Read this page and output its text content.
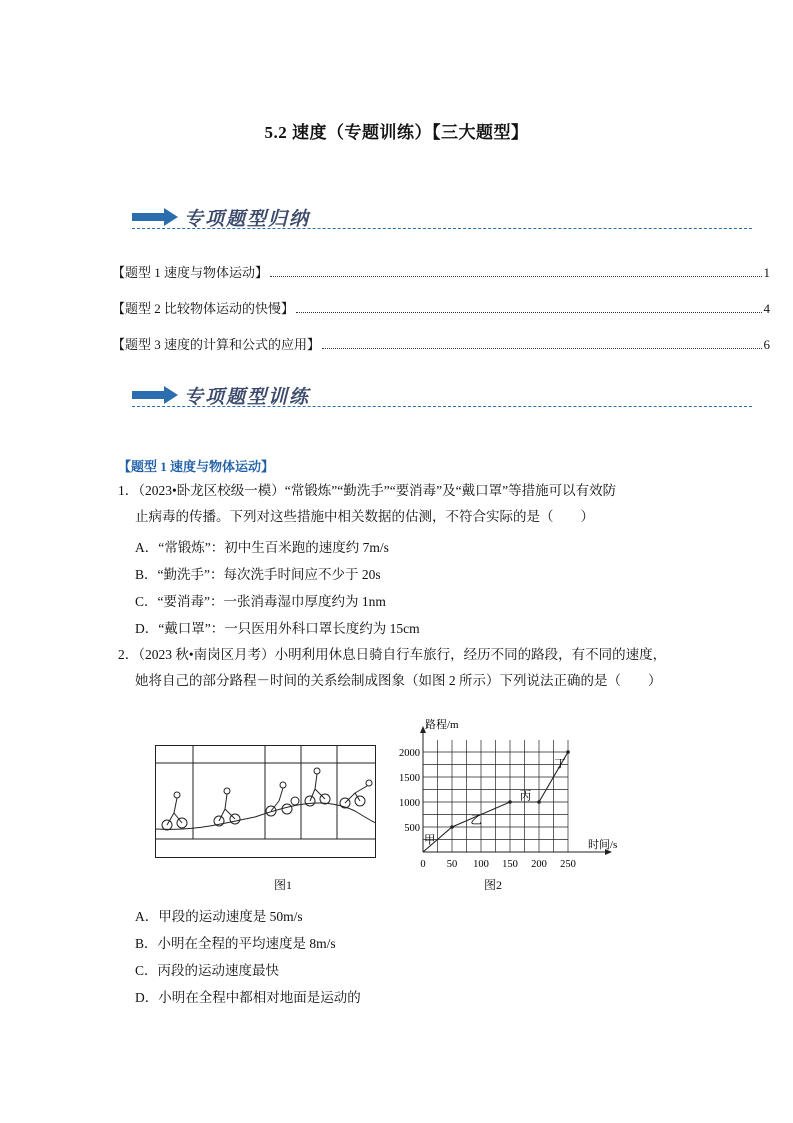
5.2 速度（专题训练）【三大题型】
专项题型归纳
【题型 1 速度与物体运动】	1
【题型 2 比较物体运动的快慢】	4
【题型 3 速度的计算和公式的应用】	6
专项题型训练
【题型 1 速度与物体运动】
1．（2023•卧龙区校级一模）“常锻炼”“勤洗手”“要消毒”及“戴口罩”等措施可以有效防
止病毒的传播。下列对这些措施中相关数据的估测，不符合实际的是（　　）
A．“常锻炼”：初中生百米跑的速度约 7m/s
B．“勤洗手”：每次洗手时间应不少于 20s
C．“要消毒”：一张消毒湿巾厚度约为 1nm
D．“戴口罩”：一只医用外科口罩长度约为 15cm
2．（2023 秋•南岗区月考）小明利用休息日骑自行车旅行，经历不同的路段，有不同的速度，
她将自己的部分路程－时间的关系绘制成图象（如图 2 所示）下列说法正确的是（　　）
图1
0 50 100 150 200 250
500
1000
1500
2000
甲
乙
丙
丁
路程/m
时间/s
图2
A．甲段的运动速度是 50m/s
B．小明在全程的平均速度是 8m/s
C．丙段的运动速度最快
D．小明在全程中都相对地面是运动的
